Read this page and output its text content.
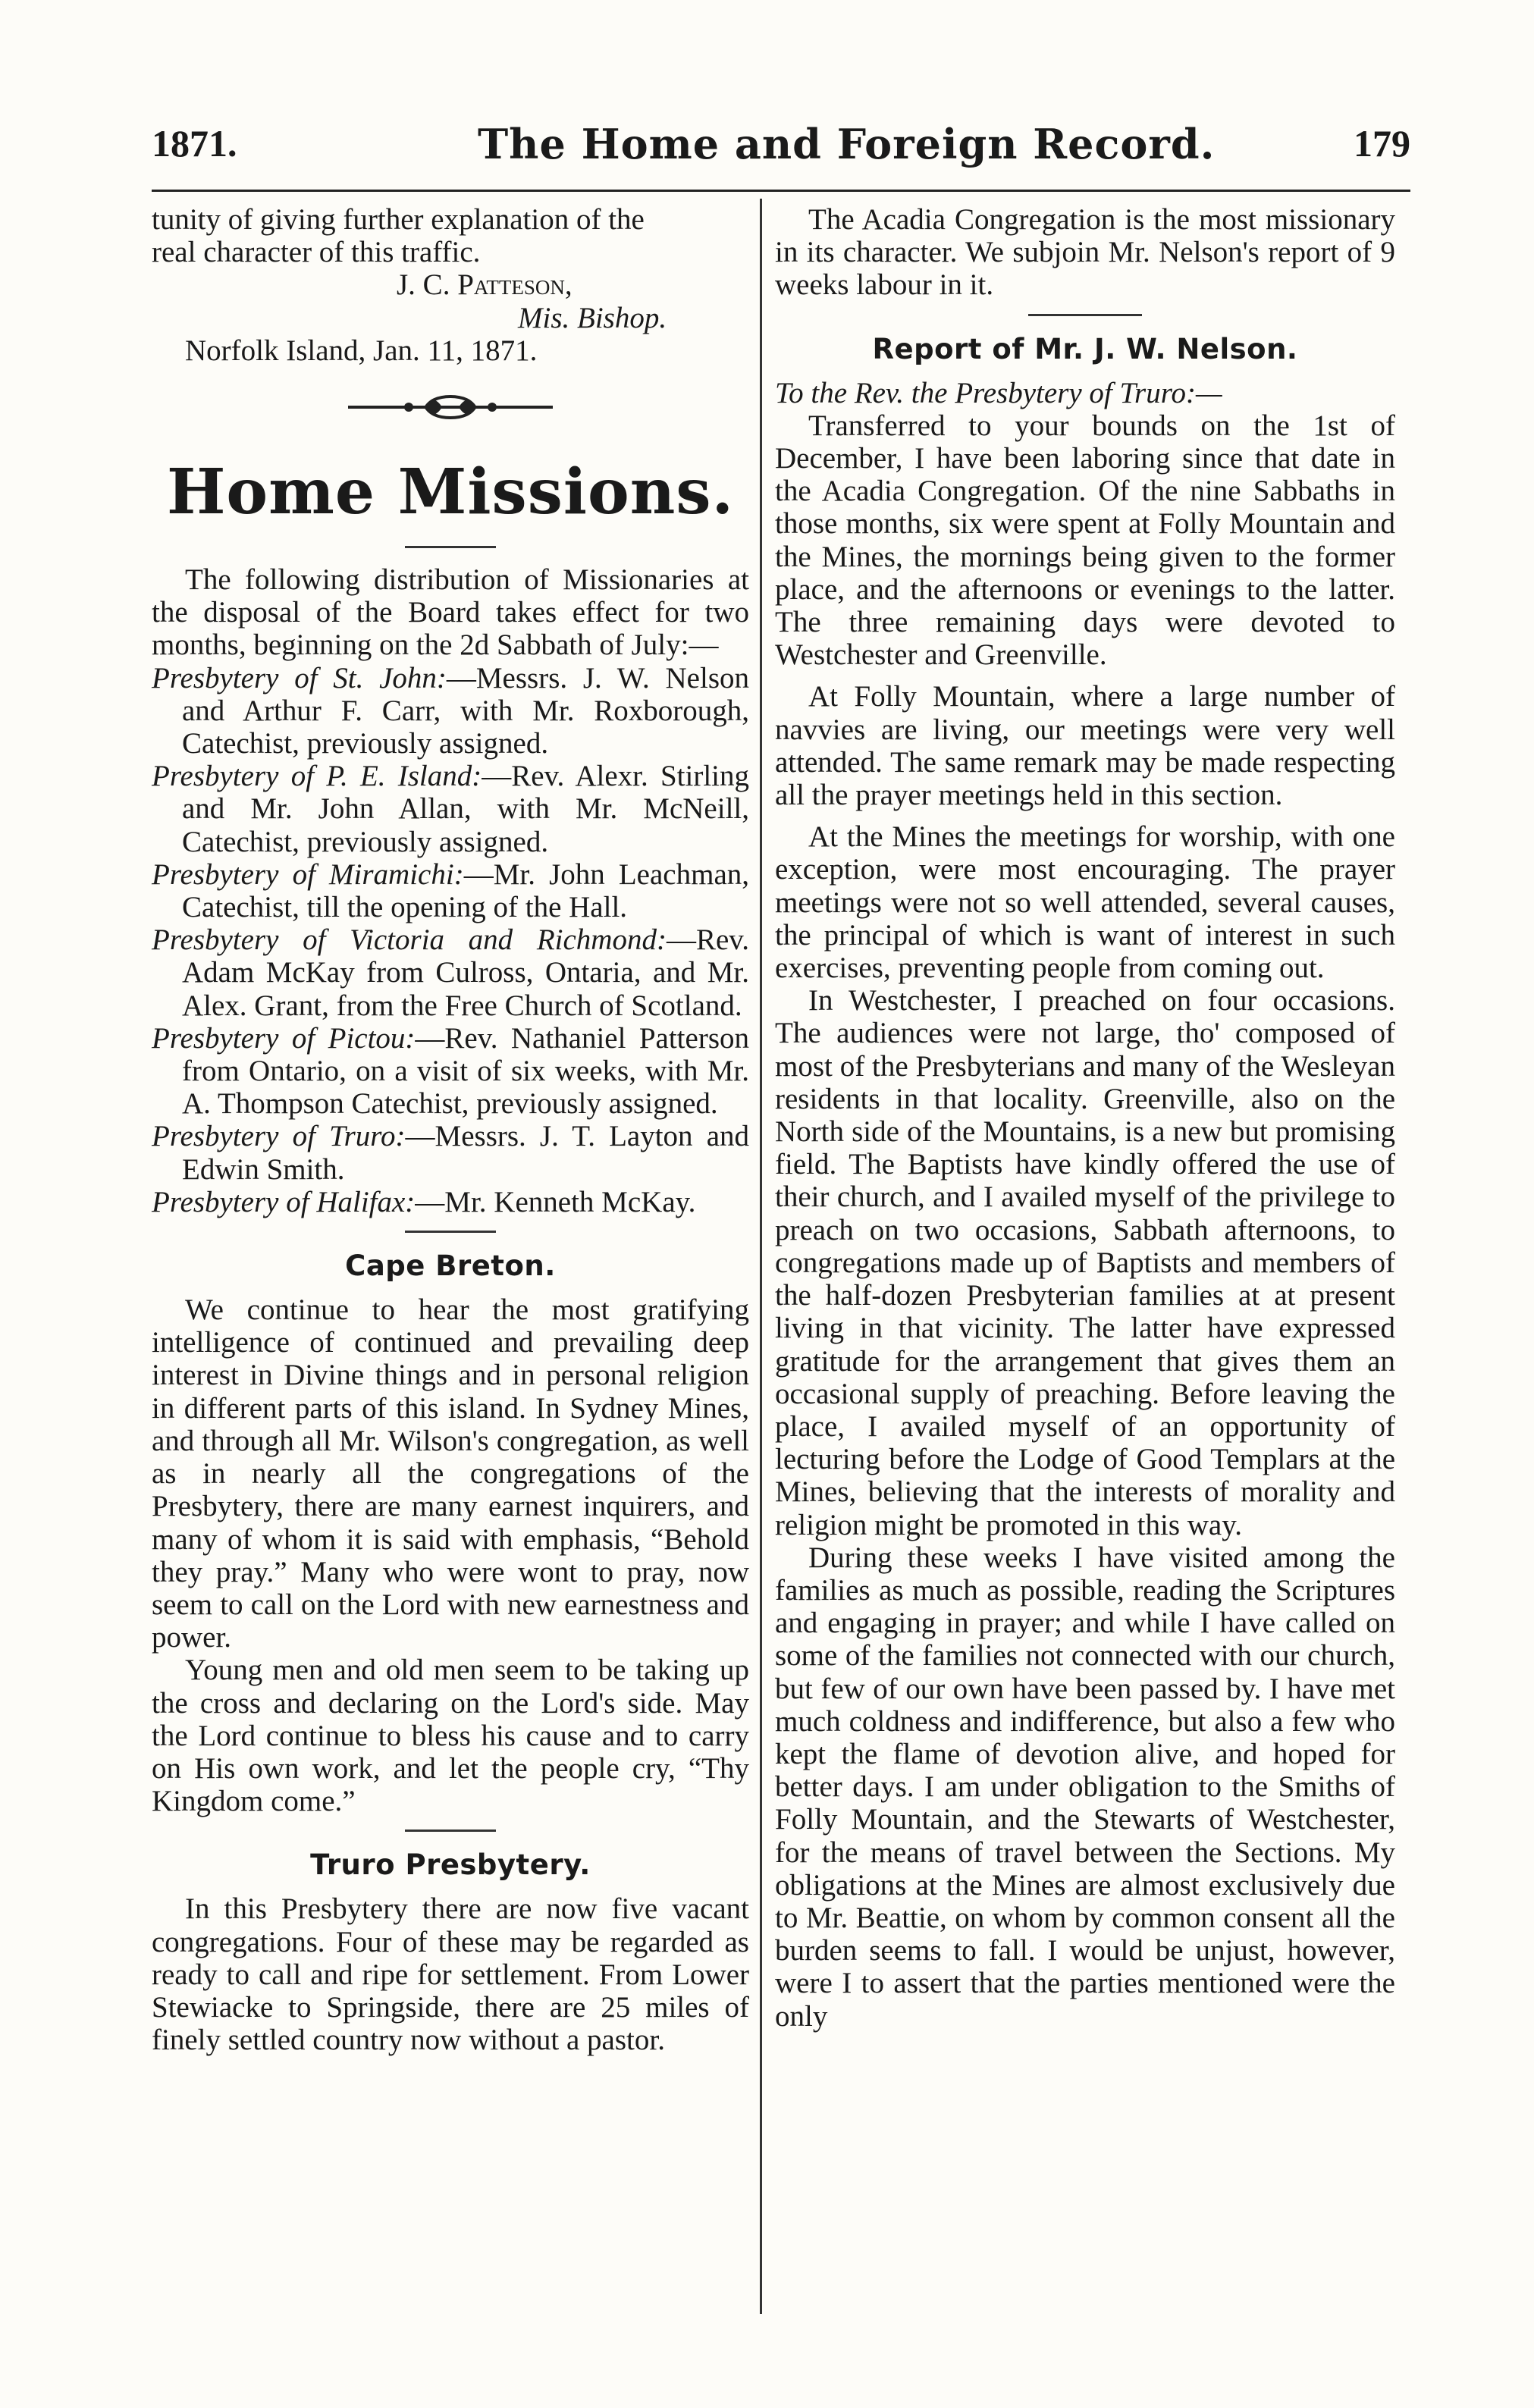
1871.	The Home and Foreign Record.	179

tunity of giving further explanation of the

real character of this traffic.

J. C. Patteson,

Mis. Bishop.

Norfolk Island, Jan. 11, 1871.

Home Missions.

The following distribution of Missionaries at the disposal of the Board takes effect for two months, beginning on the 2d Sabbath of July:—

Presbytery of St. John:—Messrs. J. W. Nelson and Arthur F. Carr, with Mr. Roxborough, Catechist, previously assigned.

Presbytery of P. E. Island:—Rev. Alexr. Stirling and Mr. John Allan, with Mr. McNeill, Catechist, previously assigned.

Presbytery of Miramichi:—Mr. John Leachman, Catechist, till the opening of the Hall.

Presbytery of Victoria and Richmond:—Rev. Adam McKay from Culross, Ontaria, and Mr. Alex. Grant, from the Free Church of Scotland.

Presbytery of Pictou:—Rev. Nathaniel Patterson from Ontario, on a visit of six weeks, with Mr. A. Thompson Catechist, previously assigned.

Presbytery of Truro:—Messrs. J. T. Layton and Edwin Smith.

Presbytery of Halifax:—Mr. Kenneth McKay.

Cape Breton.

We continue to hear the most gratifying intelligence of continued and prevailing deep interest in Divine things and in personal religion in different parts of this island. In Sydney Mines, and through all Mr. Wilson's congregation, as well as in nearly all the congregations of the Presbytery, there are many earnest inquirers, and many of whom it is said with emphasis, “Behold they pray.” Many who were wont to pray, now seem to call on the Lord with new earnestness and power.

Young men and old men seem to be taking up the cross and declaring on the Lord's side. May the Lord continue to bless his cause and to carry on His own work, and let the people cry, “Thy Kingdom come.”

Truro Presbytery.

In this Presbytery there are now five vacant congregations. Four of these may be regarded as ready to call and ripe for settlement. From Lower Stewiacke to Springside, there are 25 miles of finely settled country now without a pastor.

The Acadia Congregation is the most missionary in its character. We subjoin Mr. Nelson's report of 9 weeks labour in it.

Report of Mr. J. W. Nelson.

To the Rev. the Presbytery of Truro:—

Transferred to your bounds on the 1st of December, I have been laboring since that date in the Acadia Congregation. Of the nine Sabbaths in those months, six were spent at Folly Mountain and the Mines, the mornings being given to the former place, and the afternoons or evenings to the latter. The three remaining days were devoted to Westchester and Greenville.

At Folly Mountain, where a large number of navvies are living, our meetings were very well attended. The same remark may be made respecting all the prayer meetings held in this section.

At the Mines the meetings for worship, with one exception, were most encouraging. The prayer meetings were not so well attended, several causes, the principal of which is want of interest in such exercises, preventing people from coming out.

In Westchester, I preached on four occasions. The audiences were not large, tho' composed of most of the Presbyterians and many of the Wesleyan residents in that locality. Greenville, also on the North side of the Mountains, is a new but promising field. The Baptists have kindly offered the use of their church, and I availed myself of the privilege to preach on two occasions, Sabbath afternoons, to congregations made up of Baptists and members of the half-dozen Presbyterian families at at present living in that vicinity. The latter have expressed gratitude for the arrangement that gives them an occasional supply of preaching. Before leaving the place, I availed myself of an opportunity of lecturing before the Lodge of Good Templars at the Mines, believing that the interests of morality and religion might be promoted in this way.

During these weeks I have visited among the families as much as possible, reading the Scriptures and engaging in prayer; and while I have called on some of the families not connected with our church, but few of our own have been passed by. I have met much coldness and indifference, but also a few who kept the flame of devotion alive, and hoped for better days. I am under obligation to the Smiths of Folly Mountain, and the Stewarts of Westchester, for the means of travel between the Sections. My obligations at the Mines are almost exclusively due to Mr. Beattie, on whom by common consent all the burden seems to fall. I would be unjust, however, were I to assert that the parties mentioned were the only
